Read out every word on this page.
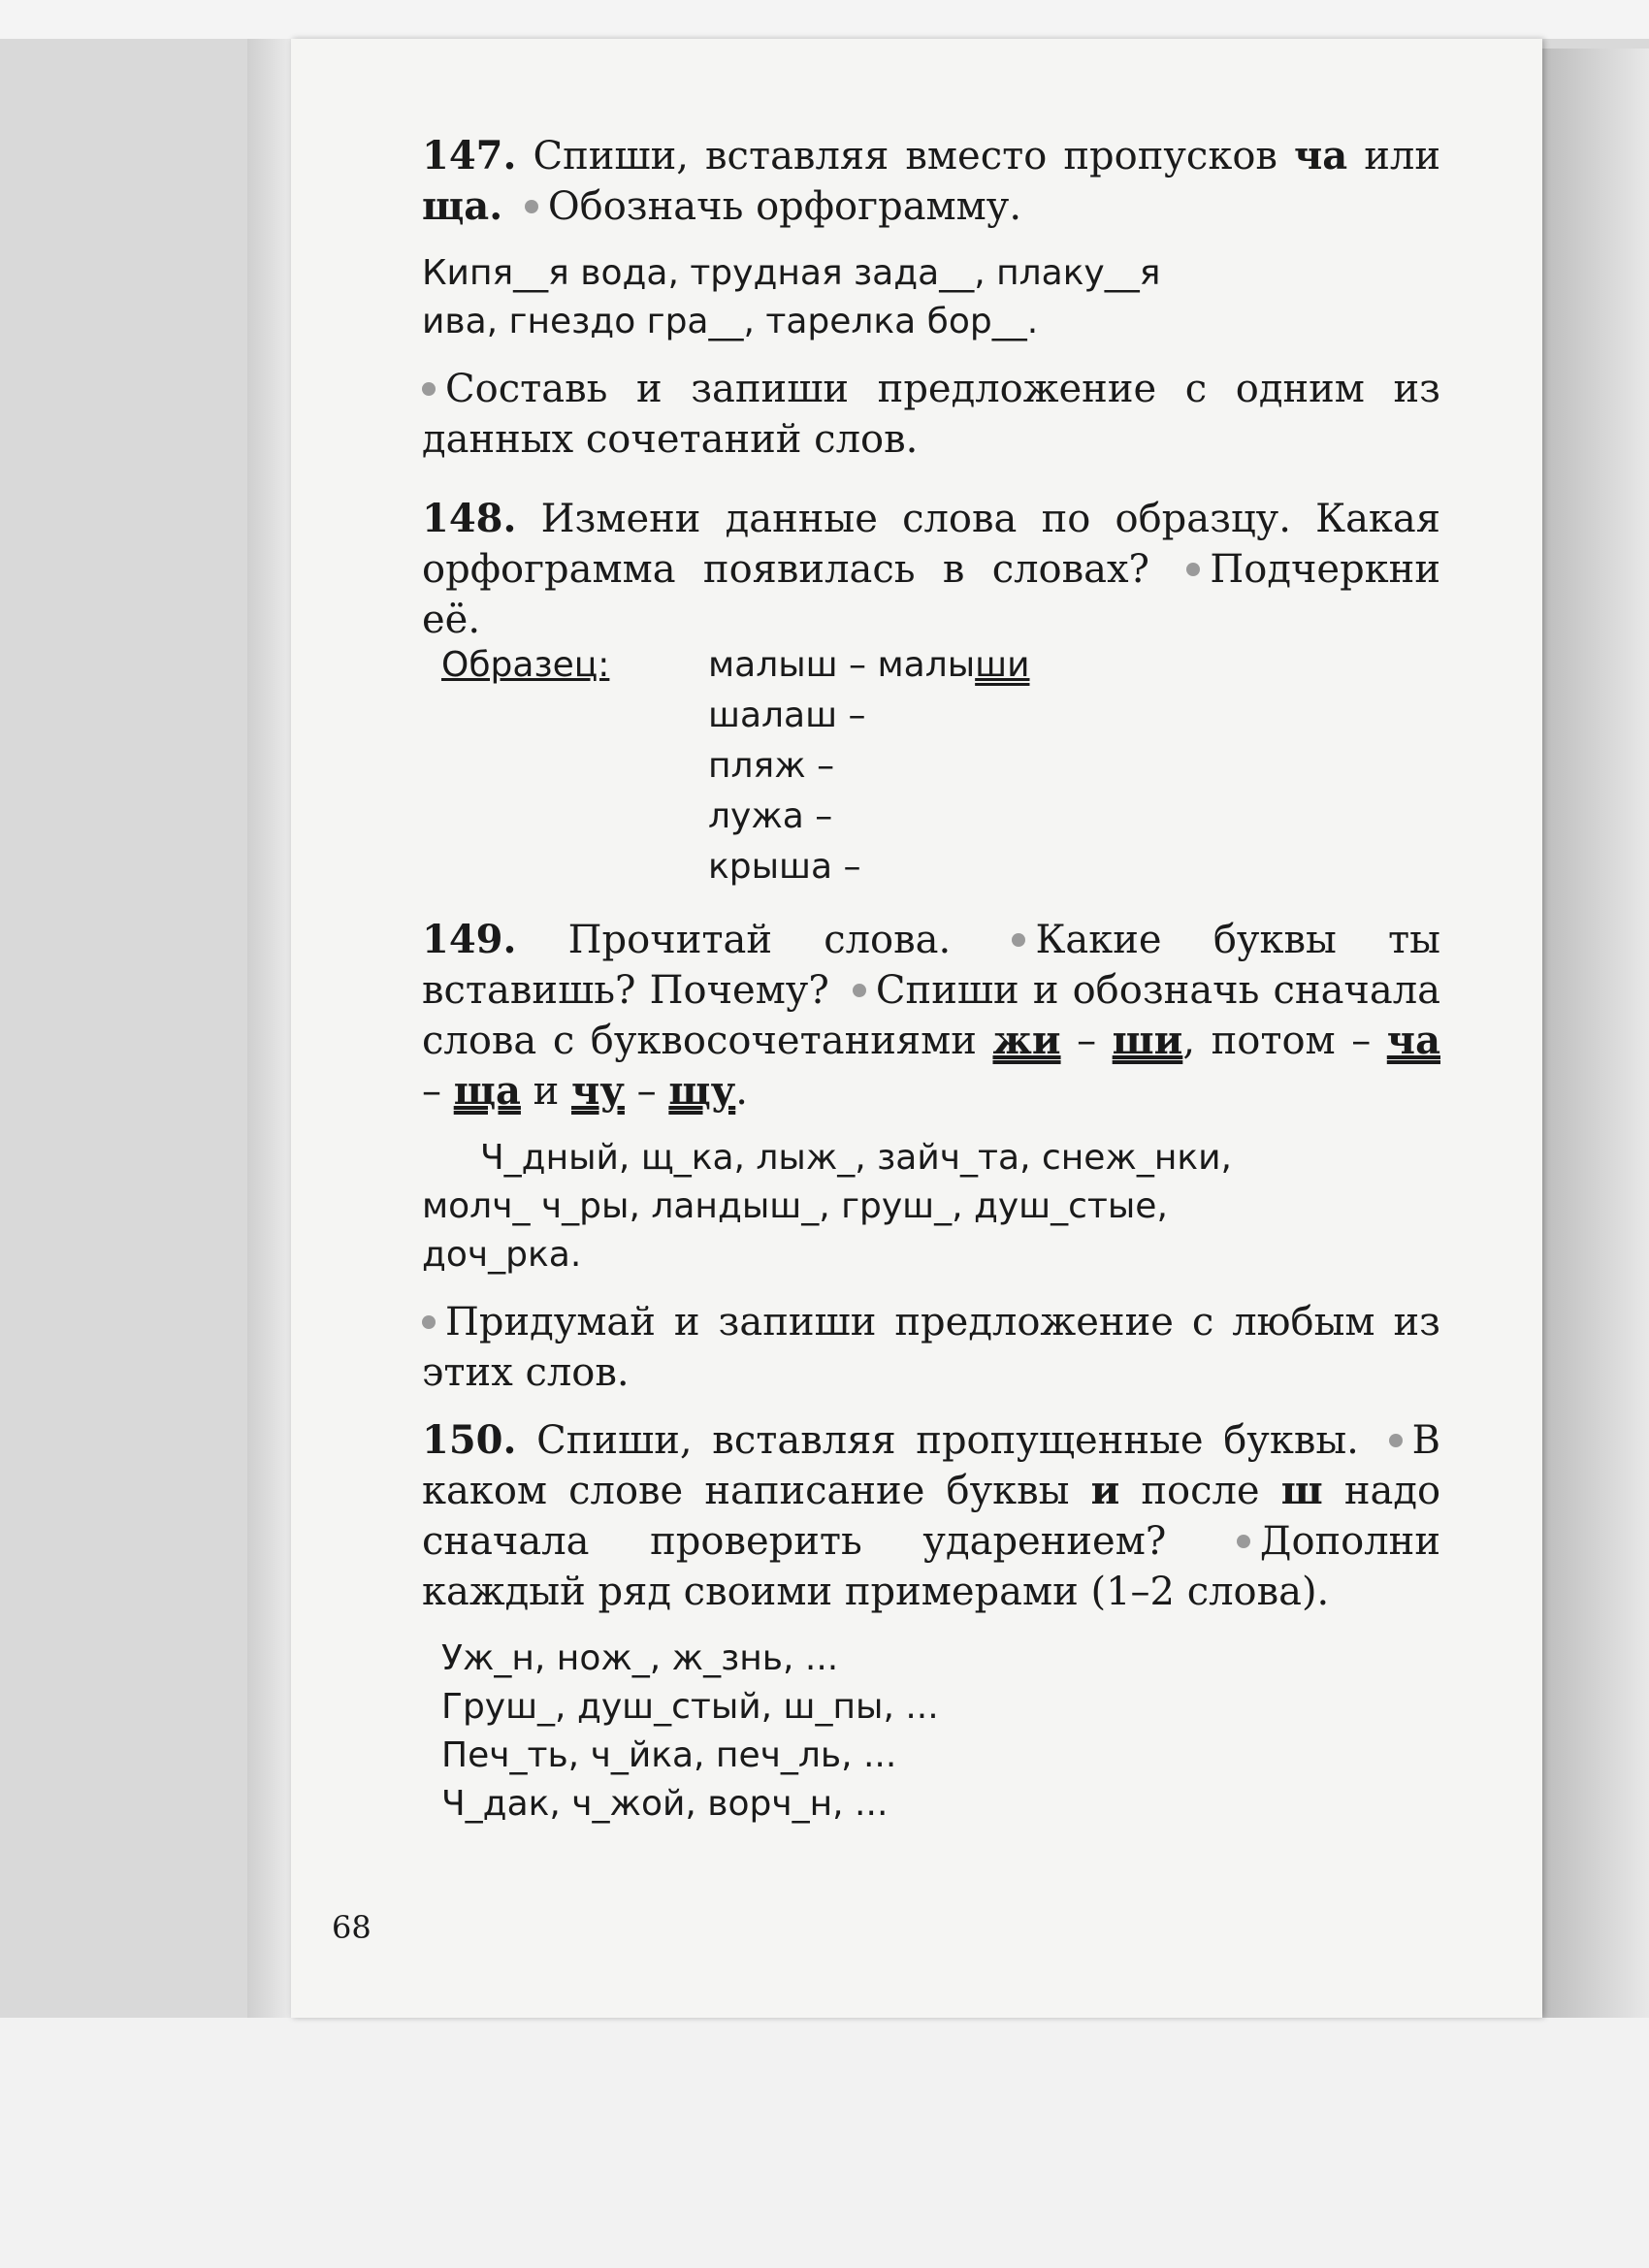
147. Спиши, вставляя вместо пропусков ча или ща. Обозначь орфограмму.

Кипя__я вода, трудная зада__, плаку__я

ива, гнездо гра__, тарелка бор__.

Составь и запиши предложение с одним из данных сочетаний слов.

148. Измени данные слова по образцу. Какая орфограмма появилась в словах? Подчеркни её.

Образец:	малыш – малыши
шалаш –
пляж –
лужа –
крыша –

149. Прочитай слова. Какие буквы ты вставишь? Почему? Спиши и обозначь сначала слова с буквосочетаниями жи – ши, потом – ча – ща и чу – щу.

Ч_дный, щ_ка, лыж_, зайч_та, снеж_нки,

молч_ ч_ры, ландыш_, груш_, душ_стые,

доч_рка.

Придумай и запиши предложение с любым из этих слов.

150. Спиши, вставляя пропущенные буквы. В каком слове написание буквы и после ш надо сначала проверить ударением? Дополни каждый ряд своими примерами (1–2 слова).

Уж_н, нож_, ж_знь, ...

Груш_, душ_стый, ш_пы, ...

Печ_ть, ч_йка, печ_ль, ...

Ч_дак, ч_жой, ворч_н, ...

68
